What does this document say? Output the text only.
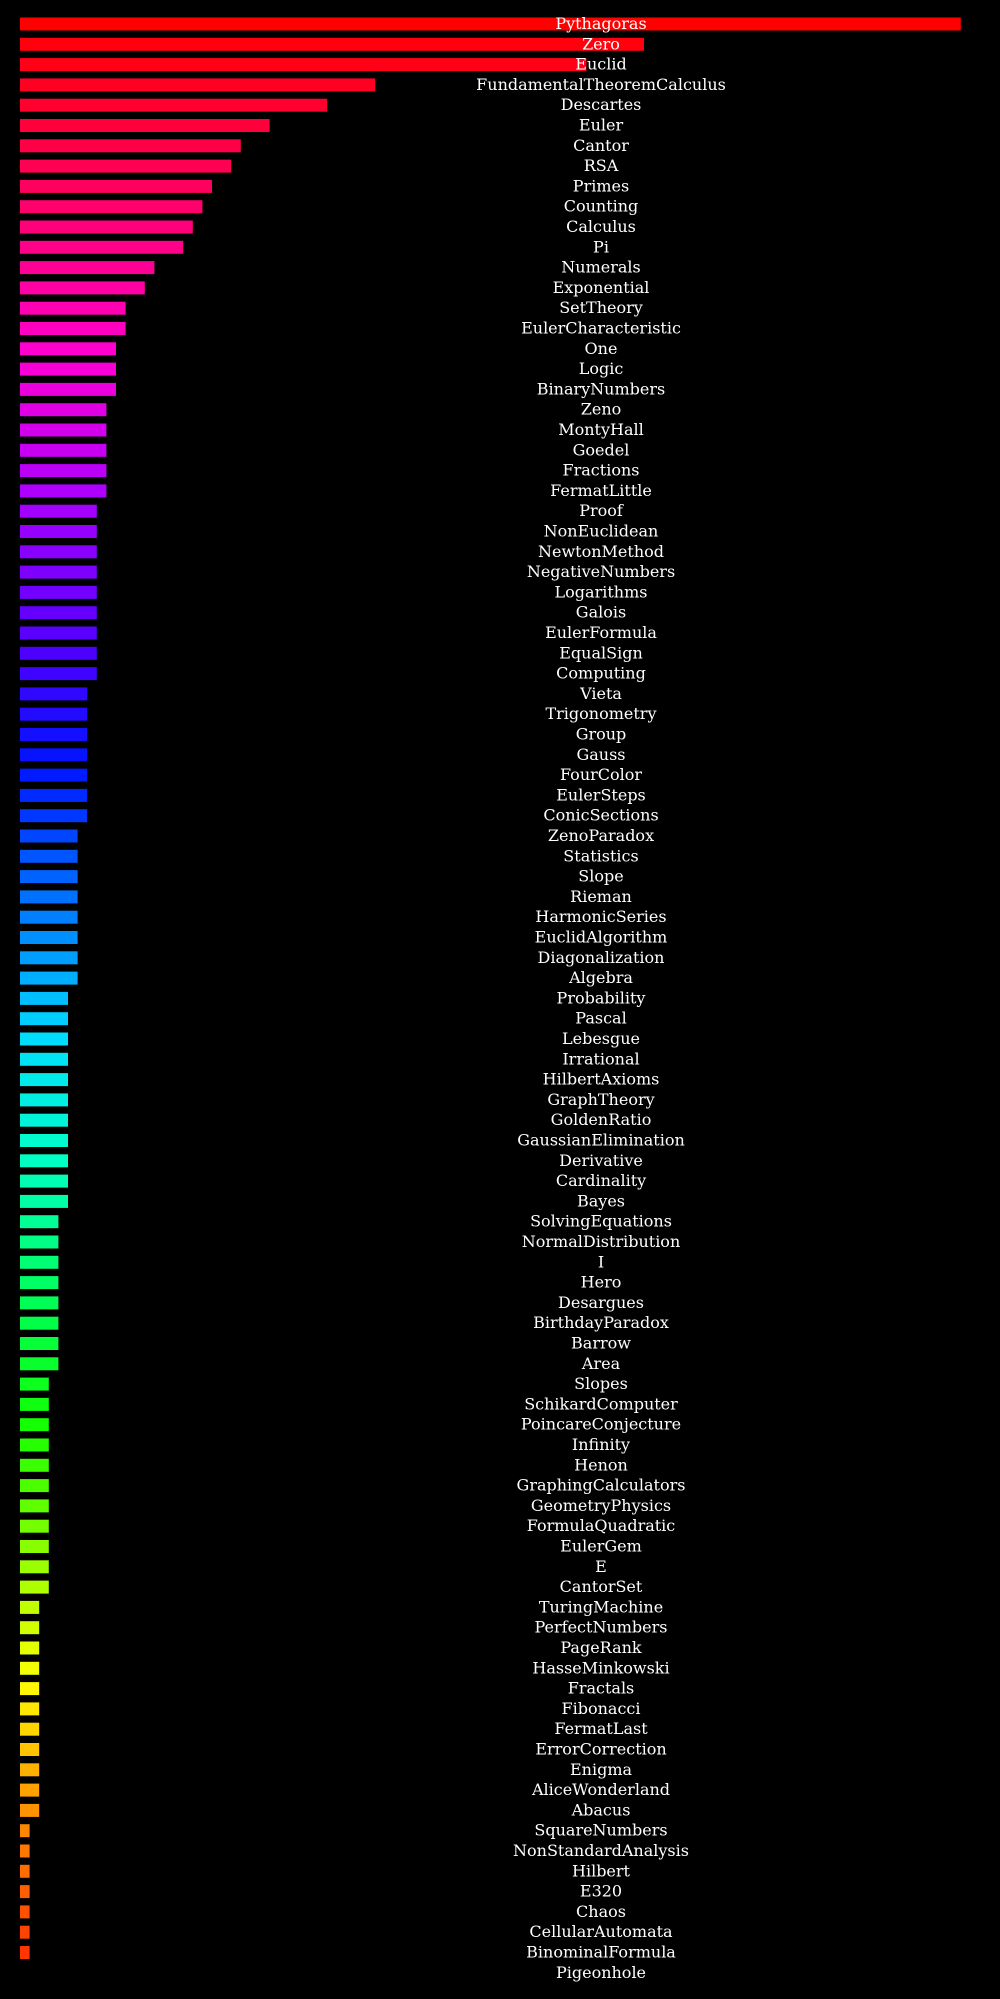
Pythagoras
Zero
Euclid
FundamentalTheoremCalculus
Descartes
Euler
Cantor
RSA
Primes
Counting
Calculus
Pi
Numerals
Exponential
SetTheory
EulerCharacteristic
One
Logic
BinaryNumbers
Zeno
MontyHall
Goedel
Fractions
FermatLittle
Proof
NonEuclidean
NewtonMethod
NegativeNumbers
Logarithms
Galois
EulerFormula
EqualSign
Computing
Vieta
Trigonometry
Group
Gauss
FourColor
EulerSteps
ConicSections
ZenoParadox
Statistics
Slope
Rieman
HarmonicSeries
EuclidAlgorithm
Diagonalization
Algebra
Probability
Pascal
Lebesgue
Irrational
HilbertAxioms
GraphTheory
GoldenRatio
GaussianElimination
Derivative
Cardinality
Bayes
SolvingEquations
NormalDistribution
I
Hero
Desargues
BirthdayParadox
Barrow
Area
Slopes
SchikardComputer
PoincareConjecture
Infinity
Henon
GraphingCalculators
GeometryPhysics
FormulaQuadratic
EulerGem
E
CantorSet
TuringMachine
PerfectNumbers
PageRank
HasseMinkowski
Fractals
Fibonacci
FermatLast
ErrorCorrection
Enigma
AliceWonderland
Abacus
SquareNumbers
NonStandardAnalysis
Hilbert
E320
Chaos
CellularAutomata
BinominalFormula
Pigeonhole
